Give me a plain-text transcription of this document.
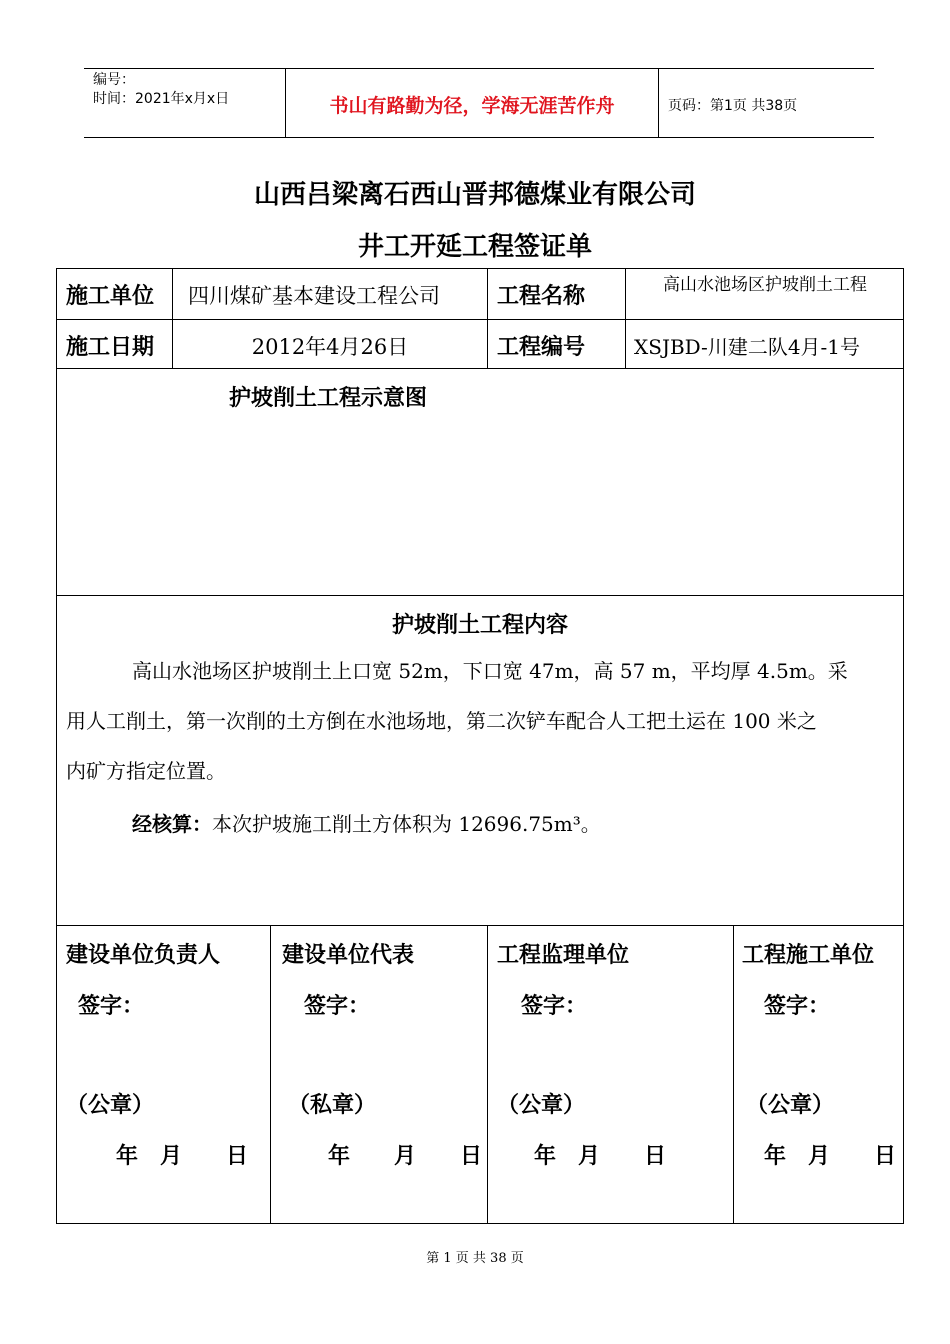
编号：
时间：2021年x月x日	书山有路勤为径，学海无涯苦作舟	页码：第1页 共38页
山西吕梁离石西山晋邦德煤业有限公司
井工开延工程签证单
施工单位 四川煤矿基本建设工程公司	工程名称	高山水池场区护坡削土工程
施工日期	2012年4月26日	工程编号 XSJBD-川建二队4月-1号
护坡削土工程示意图
护坡削土工程内容
高山水池场区护坡削土上口宽 52m，下口宽 47m，高 57 m，平均厚 4.5m。采
用人工削土，第一次削的土方倒在水池场地，第二次铲车配合人工把土运在 100 米之
内矿方指定位置。
经核算：本次护坡施工削土方体积为 12696.75m³。
建设单位负责人
签字：
（公章）
年　月　　日
建设单位代表
签字：
（私章）
年　　月　　日
工程监理单位
签字：
（公章）
年　月　　日
工程施工单位
签字：
（公章）
年　月　　日
第 1 页 共 38 页
